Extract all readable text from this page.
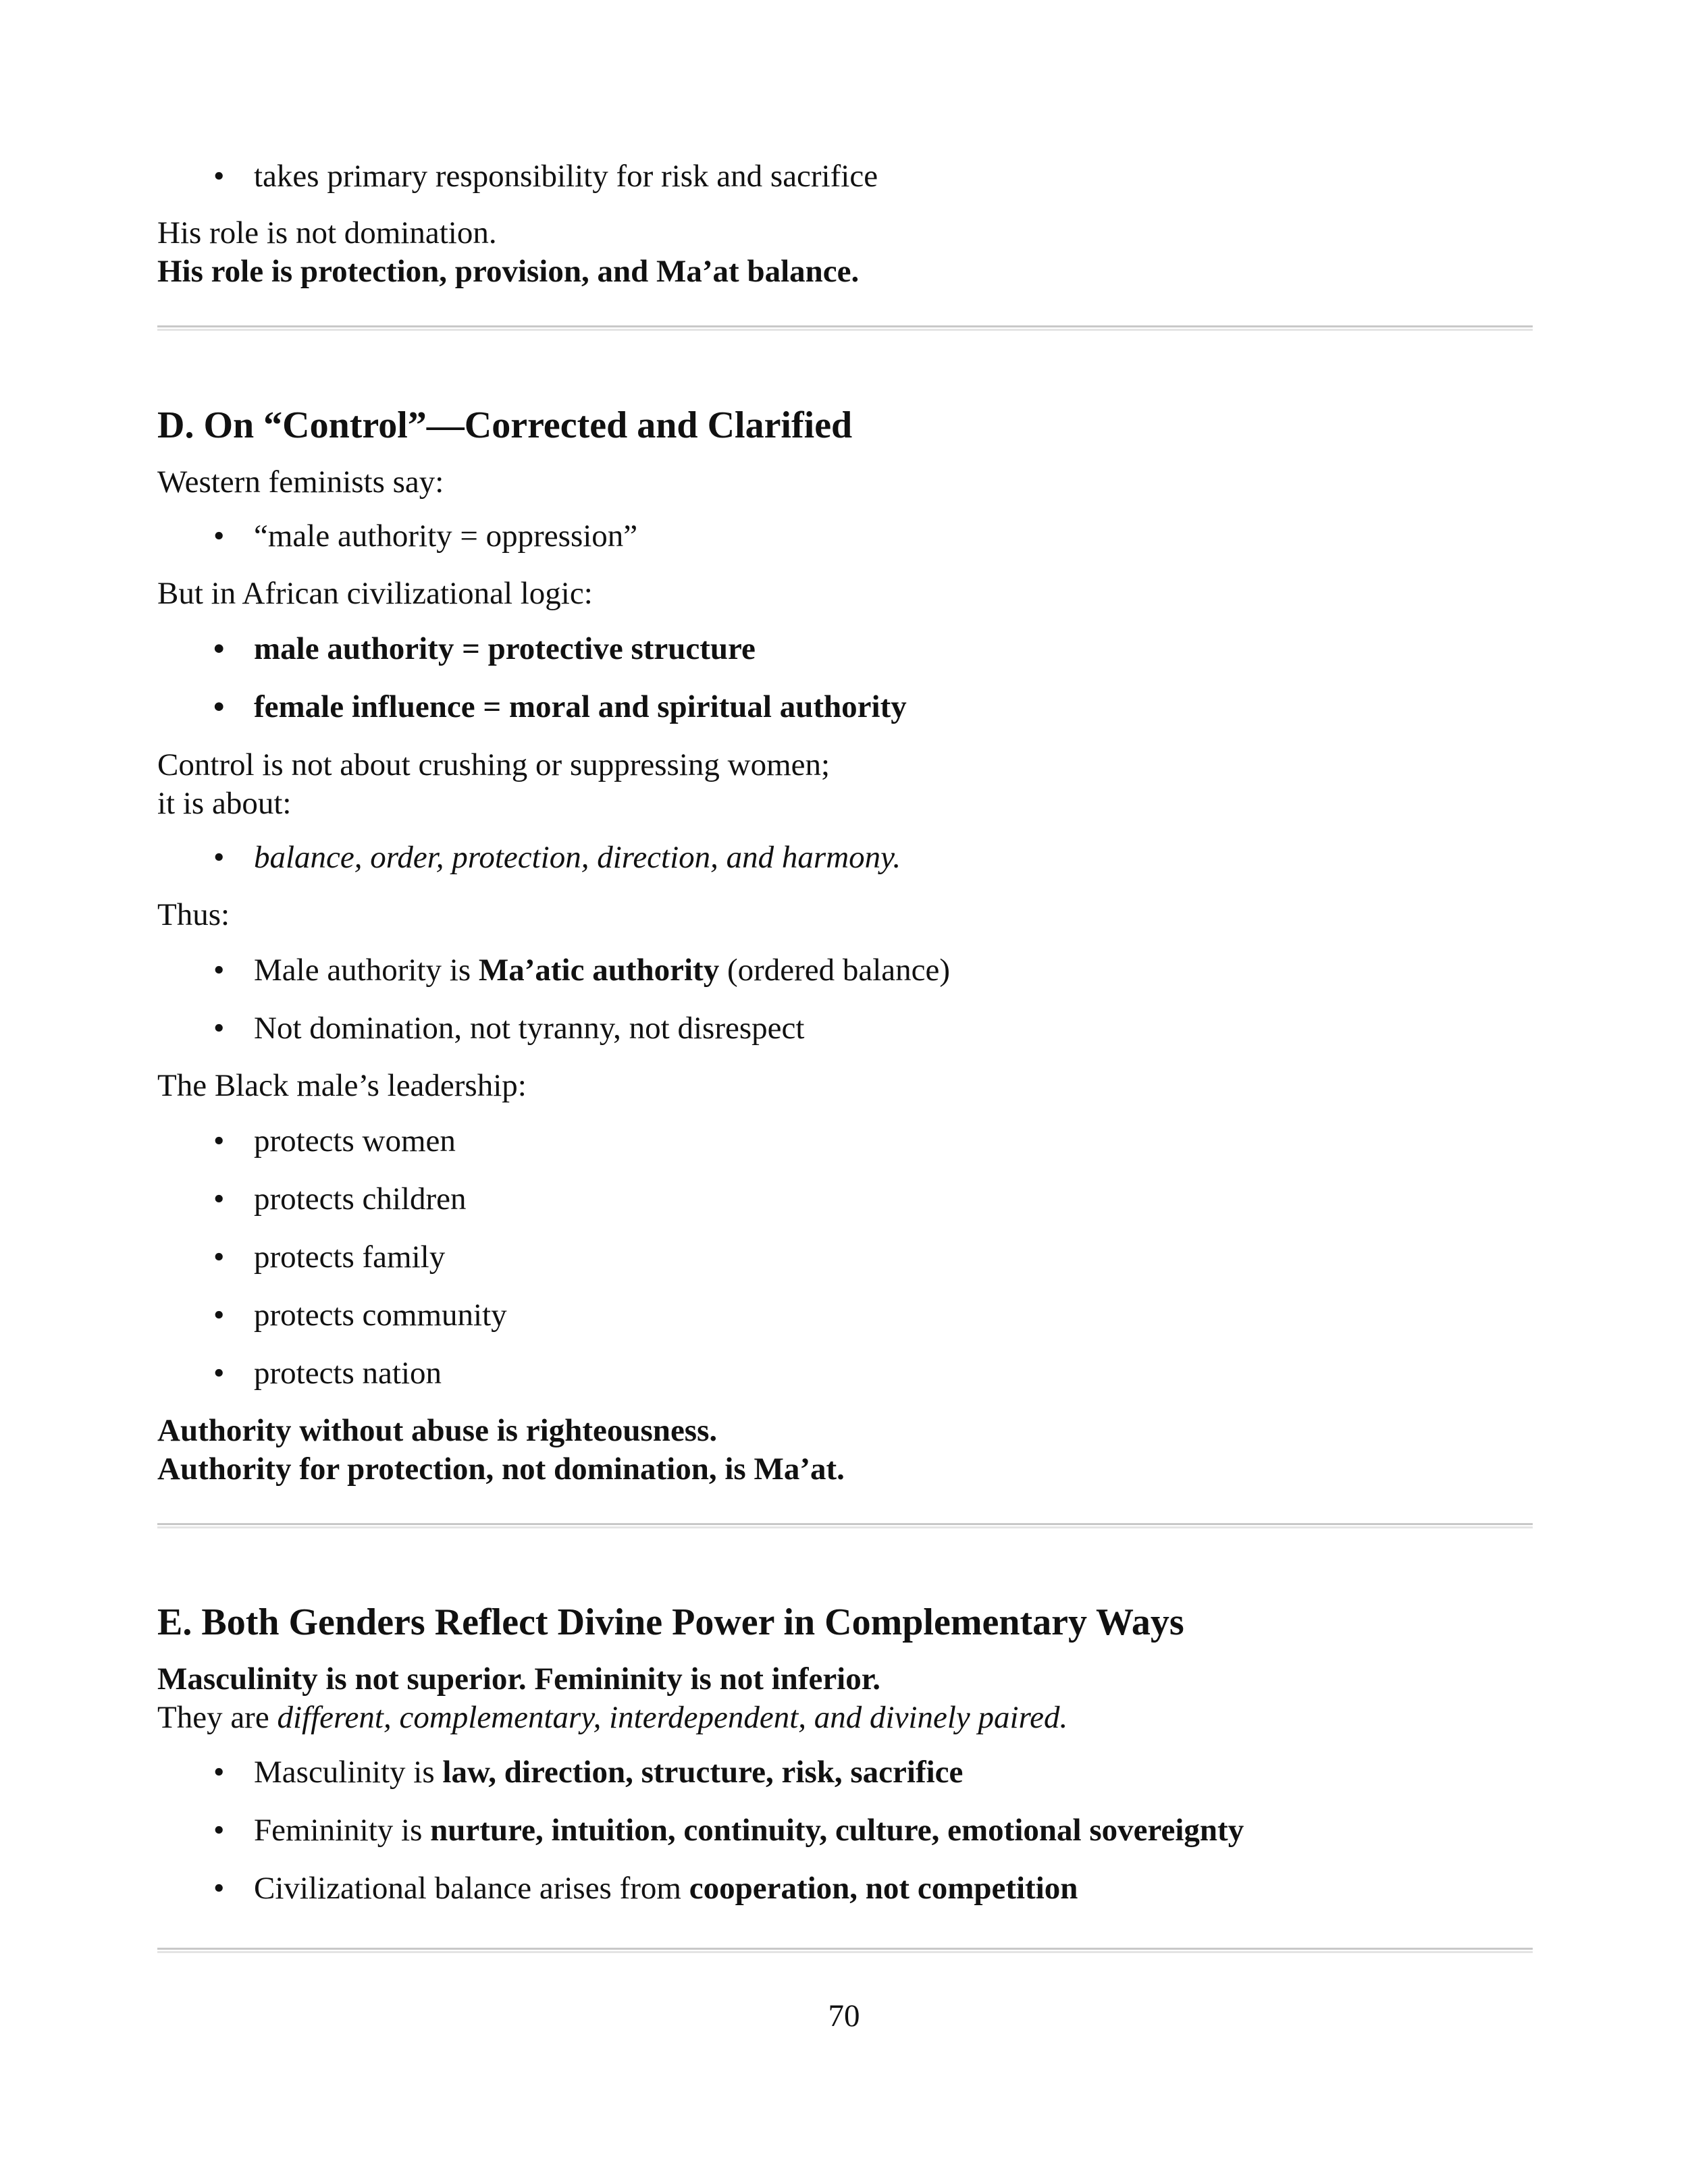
• takes primary responsibility for risk and sacrifice
His role is not domination.
His role is protection, provision, and Ma’at balance.
D. On “Control”—Corrected and Clarified
Western feminists say:
• “male authority = oppression”
But in African civilizational logic:
• male authority = protective structure
• female influence = moral and spiritual authority
Control is not about crushing or suppressing women;
it is about:
• balance, order, protection, direction, and harmony.
Thus:
• Male authority is Ma’atic authority (ordered balance)
• Not domination, not tyranny, not disrespect
The Black male’s leadership:
• protects women
• protects children
• protects family
• protects community
• protects nation
Authority without abuse is righteousness.
Authority for protection, not domination, is Ma’at.
E. Both Genders Reflect Divine Power in Complementary Ways
Masculinity is not superior. Femininity is not inferior.
They are different, complementary, interdependent, and divinely paired.
• Masculinity is law, direction, structure, risk, sacrifice
• Femininity is nurture, intuition, continuity, culture, emotional sovereignty
• Civilizational balance arises from cooperation, not competition
70
